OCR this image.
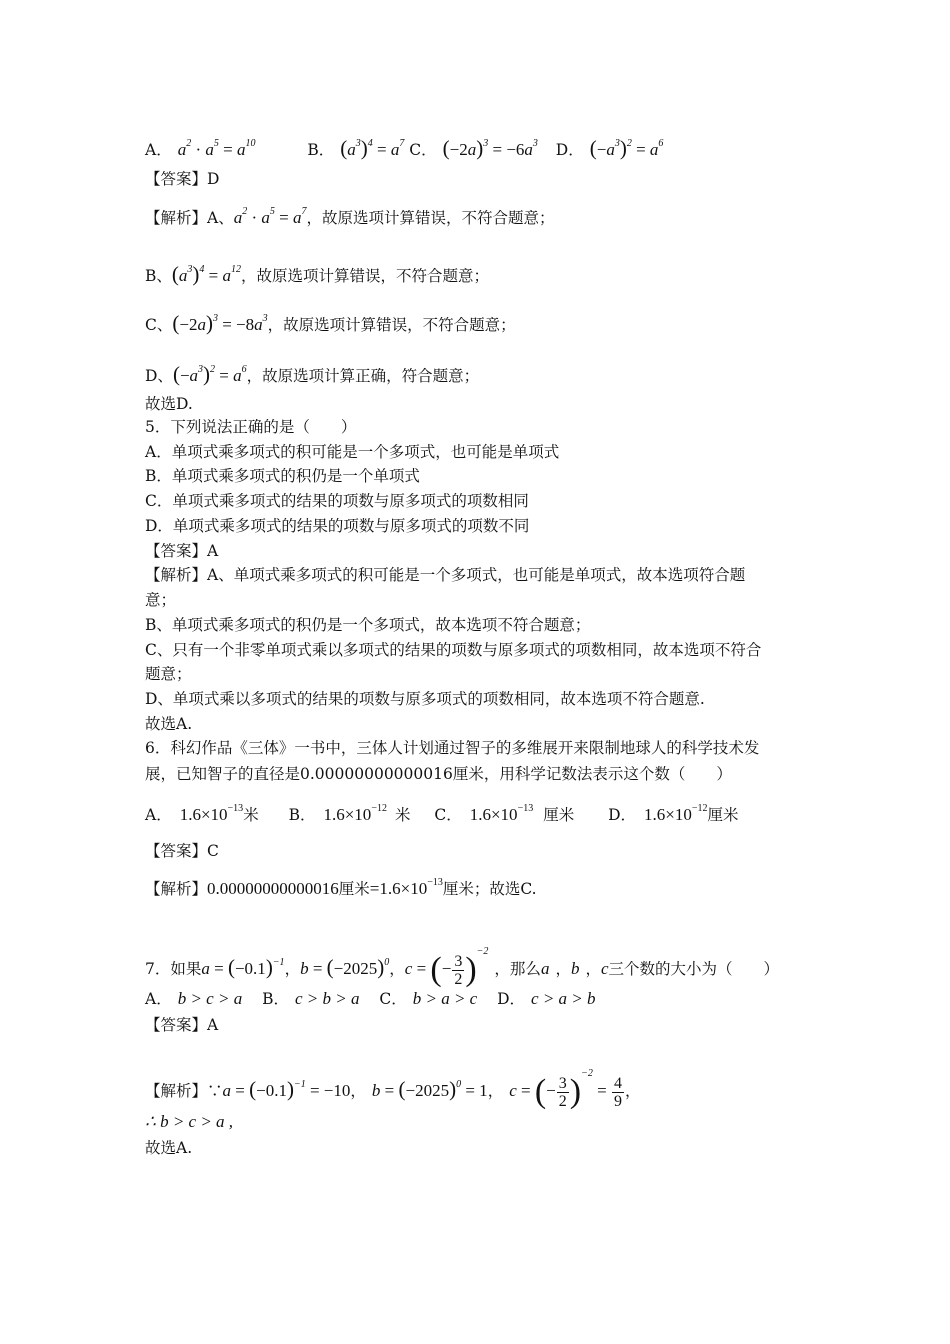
A． $a^2 \cdot a^5 = a^{10}$	B． $(a^3)^4 = a^7$ C． $(-2a)^3 = -6a^3$ D． $(-a^3)^2 = a^6$
【答案】D
【解析】A、$a^2 \cdot a^5 = a^7$，故原选项计算错误，不符合题意；
B、$(a^3)^4 = a^{12}$，故原选项计算错误，不符合题意；
C、$(-2a)^3 = -8a^3$，故原选项计算错误，不符合题意；
D、$(-a^3)^2 = a^6$，故原选项计算正确，符合题意；
故选D.
5．下列说法正确的是（　　）
A．单项式乘多项式的积可能是一个多项式，也可能是单项式
B．单项式乘多项式的积仍是一个单项式
C．单项式乘多项式的结果的项数与原多项式的项数相同
D．单项式乘多项式的结果的项数与原多项式的项数不同
【答案】A
【解析】A、单项式乘多项式的积可能是一个多项式，也可能是单项式，故本选项符合题
意；
B、单项式乘多项式的积仍是一个多项式，故本选项不符合题意；
C、只有一个非零单项式乘以多项式的结果的项数与原多项式的项数相同，故本选项不符合
题意；
D、单项式乘以多项式的结果的项数与原多项式的项数相同，故本选项不符合题意.
故选A.
6．科幻作品《三体》一书中，三体人计划通过智子的多维展开来限制地球人的科学技术发
展，已知智子的直径是0.00000000000016厘米，用科学记数法表示这个数（　　）
A． $1.6\times 10^{-13}$米 B． $1.6\times 10^{-12}$ 米 C． $1.6\times 10^{-13}$ 厘米 D． $1.6\times 10^{-12}$厘米
【答案】C
【解析】0.00000000000016厘米$=1.6\times 10^{-13}$厘米；故选C.
7．如果$a = (-0.1)^{-1}$，$b = (-2025)^0$，c = (− $\frac{3}{2} )^{-2}$，那么a ，b ，c三个数的大小为（　　）
A． b > c > a B． c > b > a C． b > a > c D． c > a > b
【答案】A
【解析】∵a = $(-0.1)^{-1} = -10$， $b = (-2025)^0 = 1$， c = (− $\frac{3}{2} )^{-2} = \frac{4}{9}$ ，
∴ b > c > a ,
故选A.
